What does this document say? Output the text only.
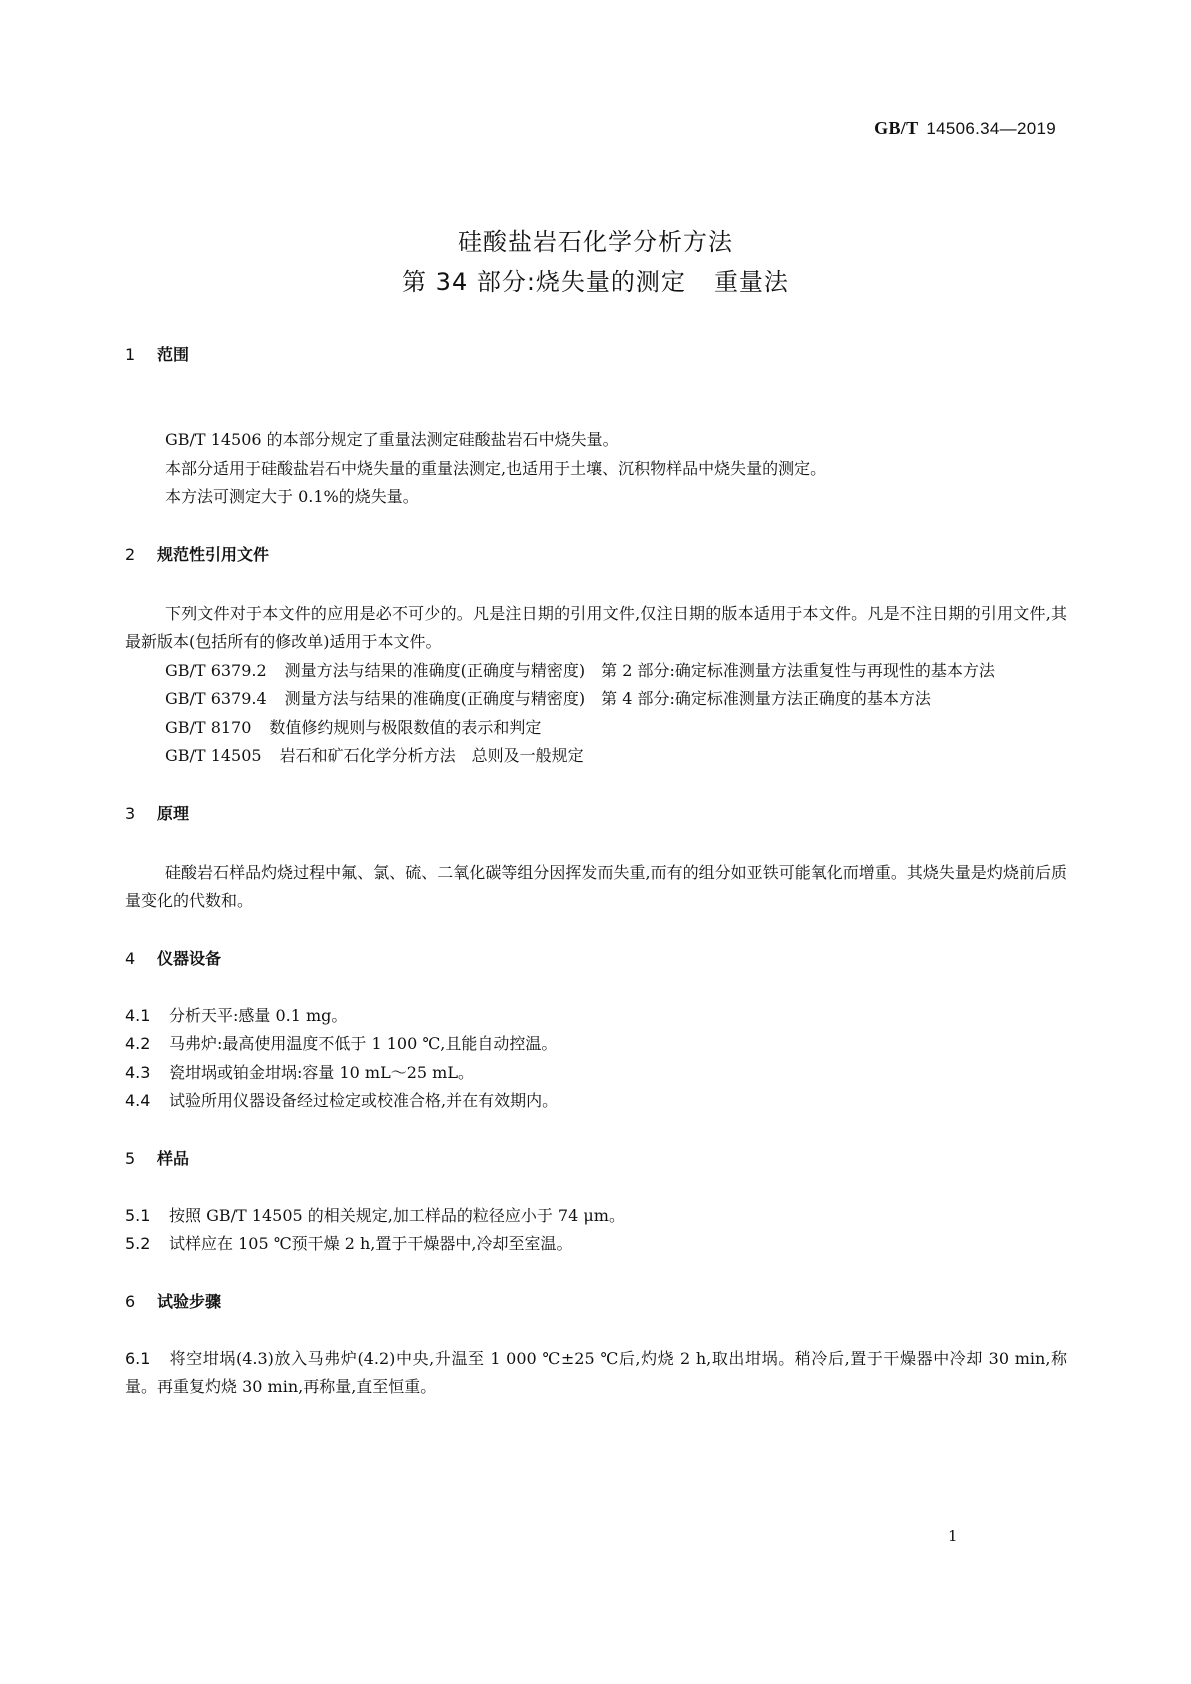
GB/T 14506.34—2019
硅酸盐岩石化学分析方法
第 34 部分:烧失量的测定 重量法
1 范围

GB/T 14506 的本部分规定了重量法测定硅酸盐岩石中烧失量。

本部分适用于硅酸盐岩石中烧失量的重量法测定,也适用于土壤、沉积物样品中烧失量的测定。

本方法可测定大于 0.1%的烧失量。

2 规范性引用文件

下列文件对于本文件的应用是必不可少的。凡是注日期的引用文件,仅注日期的版本适用于本文件。凡是不注日期的引用文件,其最新版本(包括所有的修改单)适用于本文件。

GB/T 6379.2 测量方法与结果的准确度(正确度与精密度) 第 2 部分:确定标准测量方法重复性与再现性的基本方法

GB/T 6379.4 测量方法与结果的准确度(正确度与精密度) 第 4 部分:确定标准测量方法正确度的基本方法

GB/T 8170 数值修约规则与极限数值的表示和判定

GB/T 14505 岩石和矿石化学分析方法 总则及一般规定

3 原理

硅酸岩石样品灼烧过程中氟、氯、硫、二氧化碳等组分因挥发而失重,而有的组分如亚铁可能氧化而增重。其烧失量是灼烧前后质量变化的代数和。

4 仪器设备

4.1 分析天平:感量 0.1 mg。

4.2 马弗炉:最高使用温度不低于 1 100 ℃,且能自动控温。

4.3 瓷坩埚或铂金坩埚:容量 10 mL～25 mL。

4.4 试验所用仪器设备经过检定或校准合格,并在有效期内。

5 样品

5.1 按照 GB/T 14505 的相关规定,加工样品的粒径应小于 74 μm。

5.2 试样应在 105 ℃预干燥 2 h,置于干燥器中,冷却至室温。

6 试验步骤

6.1 将空坩埚(4.3)放入马弗炉(4.2)中央,升温至 1 000 ℃±25 ℃后,灼烧 2 h,取出坩埚。稍冷后,置于干燥器中冷却 30 min,称量。再重复灼烧 30 min,再称量,直至恒重。

1
